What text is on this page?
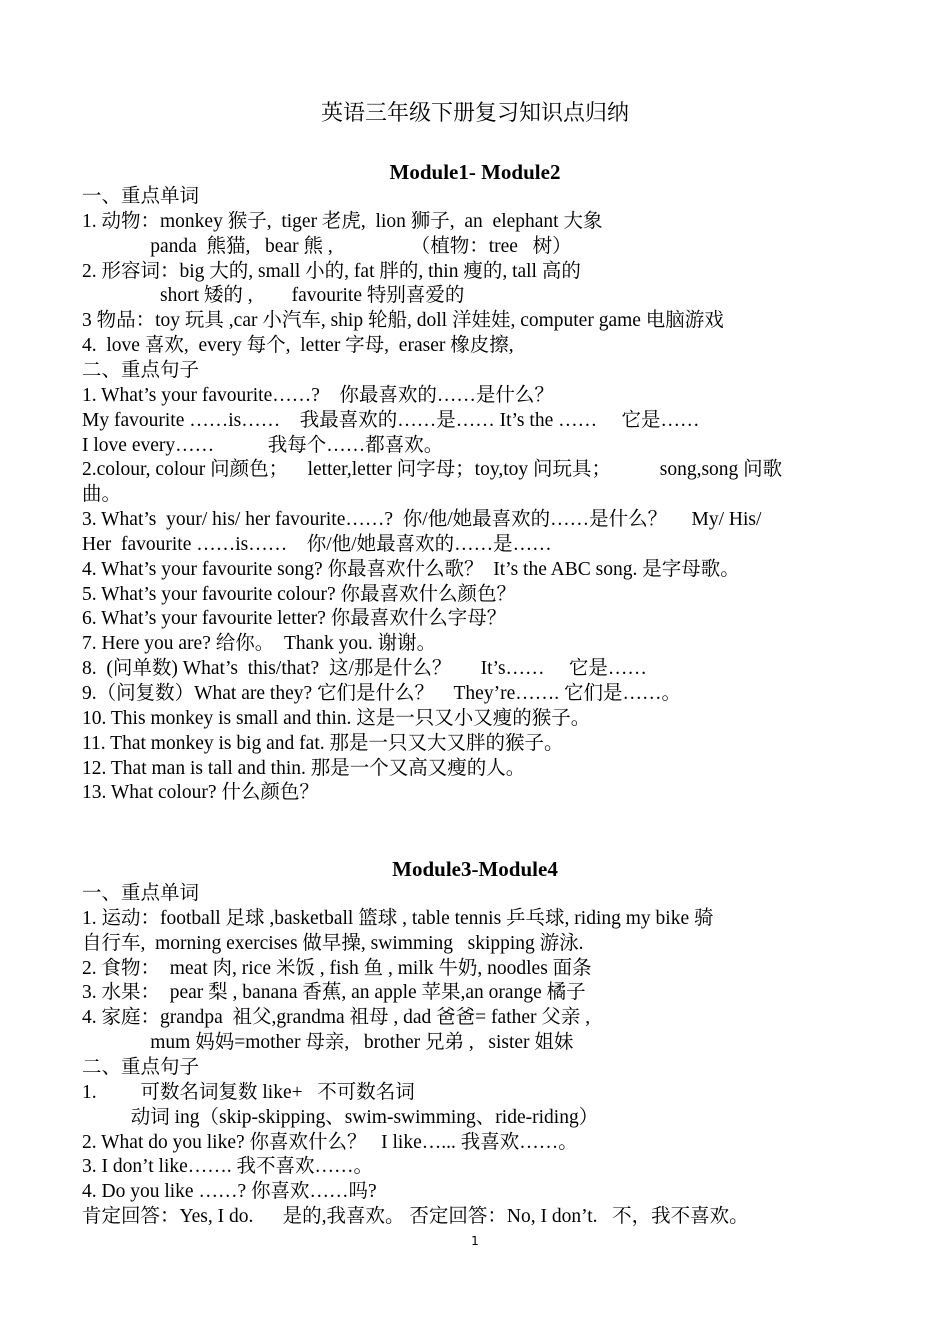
英语三年级下册复习知识点归纳
Module1- Module2
一、重点单词
1. 动物：monkey 猴子,  tiger 老虎,  lion 狮子,  an  elephant 大象
panda  熊猫,   bear 熊 ,                （植物：tree   树）
2. 形容词：big 大的, small 小的, fat 胖的, thin 瘦的, tall 高的
short 矮的 ,        favourite 特别喜爱的
3 物品：toy 玩具 ,car 小汽车, ship 轮船, doll 洋娃娃, computer game 电脑游戏
4.  love 喜欢,  every 每个,  letter 字母,  eraser 橡皮擦,
二、重点句子
1. What’s your favourite……?    你最喜欢的……是什么？
My favourite ……is……    我最喜欢的……是…… It’s the ……     它是……
I love every……           我每个……都喜欢。
2.colour, colour 问颜色；    letter,letter 问字母；toy,toy 问玩具；          song,song 问歌
曲。
3. What’s  your/ his/ her favourite……?  你/他/她最喜欢的……是什么？     My/ His/
Her  favourite ……is……    你/他/她最喜欢的……是……
4. What’s your favourite song? 你最喜欢什么歌？  It’s the ABC song. 是字母歌。
5. What’s your favourite colour? 你最喜欢什么颜色？
6. What’s your favourite letter? 你最喜欢什么字母？
7. Here you are? 给你。  Thank you. 谢谢。
8.  (问单数) What’s  this/that?  这/那是什么？      It’s……     它是……
9.（问复数）What are they? 它们是什么？    They’re……. 它们是……。
10. This monkey is small and thin. 这是一只又小又瘦的猴子。
11. That monkey is big and fat. 那是一只又大又胖的猴子。
12. That man is tall and thin. 那是一个又高又瘦的人。
13. What colour? 什么颜色？
Module3-Module4
一、重点单词
1. 运动：football 足球 ,basketball 篮球 , table tennis 乒乓球, riding my bike 骑
自行车,  morning exercises 做早操, swimming   skipping 游泳.
2. 食物：  meat 肉, rice 米饭 , fish 鱼 , milk 牛奶, noodles 面条
3. 水果：  pear 梨 , banana 香蕉, an apple 苹果,an orange 橘子
4. 家庭：grandpa  祖父,grandma 祖母 , dad 爸爸= father 父亲 ,
mum 妈妈=mother 母亲,   brother 兄弟 ,   sister 姐妹
二、重点句子
1.         可数名词复数 like+   不可数名词
动词 ing（skip-skipping、swim-swimming、ride-riding）
2. What do you like? 你喜欢什么？   I like…... 我喜欢……。
3. I don’t like……. 我不喜欢……。
4. Do you like ……? 你喜欢……吗?
肯定回答：Yes, I do.      是的,我喜欢。 否定回答：No, I don’t.   不，我不喜欢。
1
